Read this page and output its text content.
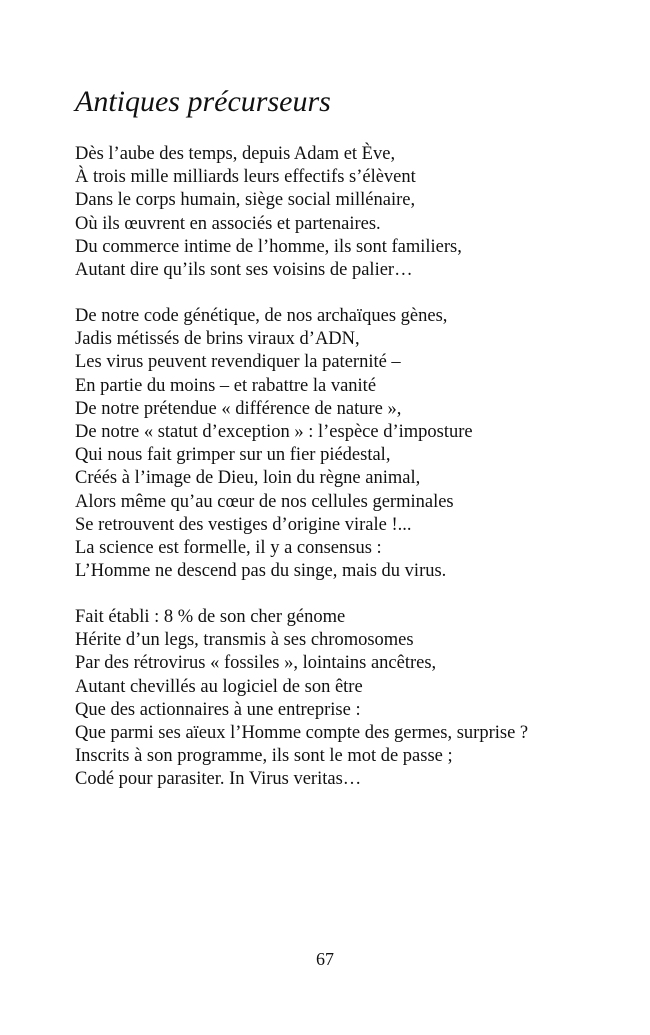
Antiques précurseurs
Dès l’aube des temps, depuis Adam et Ève,
À trois mille milliards leurs effectifs s’élèvent
Dans le corps humain, siège social millénaire,
Où ils œuvrent en associés et partenaires.
Du commerce intime de l’homme, ils sont familiers,
Autant dire qu’ils sont ses voisins de palier…
De notre code génétique, de nos archaïques gènes,
Jadis métissés de brins viraux d’ADN,
Les virus peuvent revendiquer la paternité –
En partie du moins – et rabattre la vanité
De notre prétendue « différence de nature »,
De notre « statut d’exception » : l’espèce d’imposture
Qui nous fait grimper sur un fier piédestal,
Créés à l’image de Dieu, loin du règne animal,
Alors même qu’au cœur de nos cellules germinales
Se retrouvent des vestiges d’origine virale !...
La science est formelle, il y a consensus :
L’Homme ne descend pas du singe, mais du virus.
Fait établi : 8 % de son cher génome
Hérite d’un legs, transmis à ses chromosomes
Par des rétrovirus « fossiles », lointains ancêtres,
Autant chevillés au logiciel de son être
Que des actionnaires à une entreprise :
Que parmi ses aïeux l’Homme compte des germes, surprise ?
Inscrits à son programme, ils sont le mot de passe ;
Codé pour parasiter. In Virus veritas…
67
